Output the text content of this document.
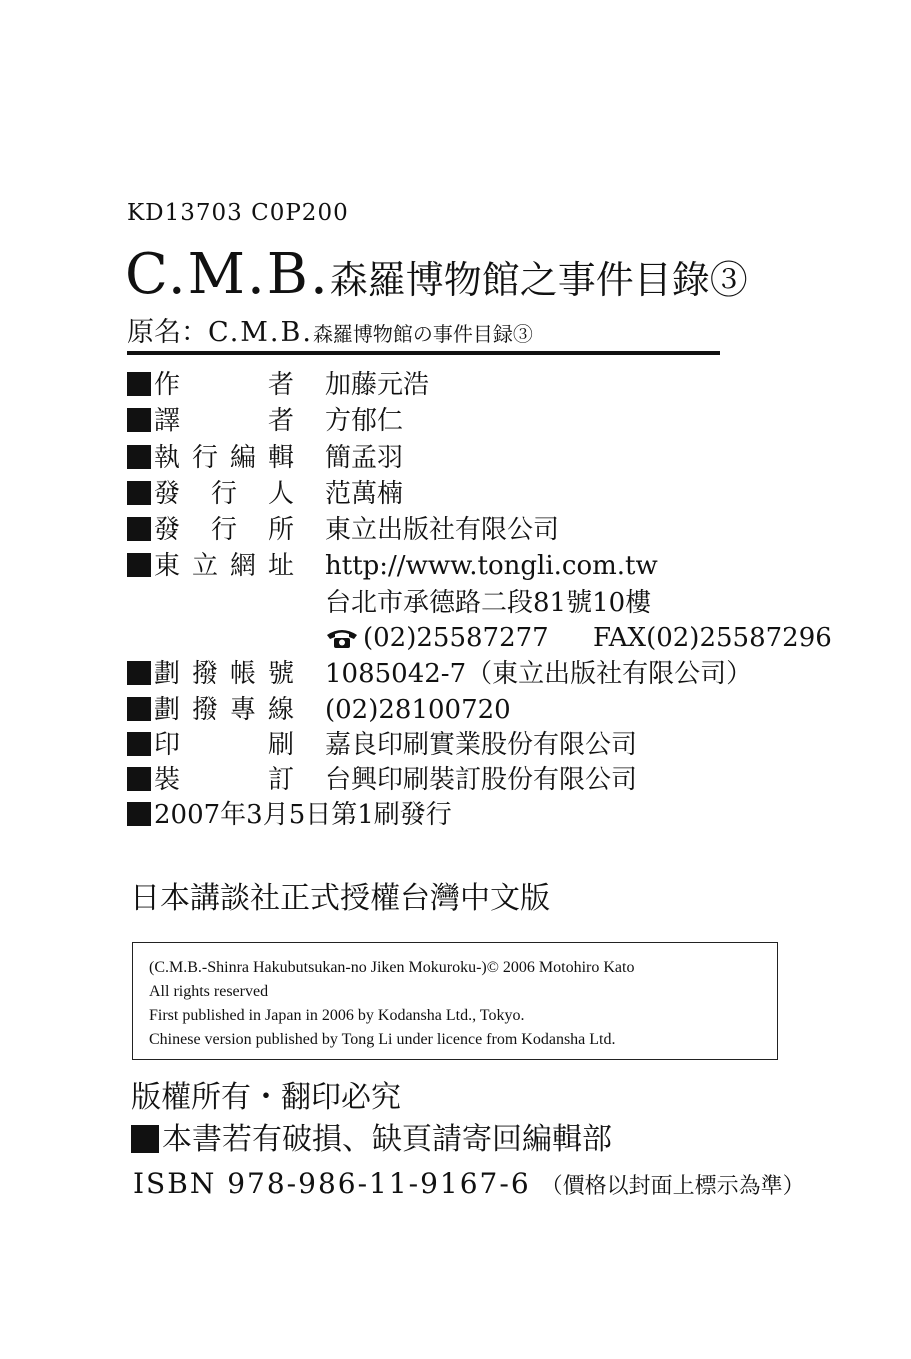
KD13703 C0P200
C.M.B.森羅博物館之事件目錄③
原名：C.M.B.森羅博物館の事件目録③
作 者 加藤元浩
譯 者 方郁仁
執行編輯 簡孟羽
發 行 人 范萬楠
發 行 所 東立出版社有限公司
東立網址 http://www.tongli.com.tw
台北市承德路二段81號10樓
(02)25587277 FAX(02)25587296
劃撥帳號 1085042-7（東立出版社有限公司）
劃撥專線 (02)28100720
印 刷 嘉良印刷實業股份有限公司
裝 訂 台興印刷裝訂股份有限公司
2007年3月5日第1刷發行
日本講談社正式授權台灣中文版
(C.M.B.-Shinra Hakubutsukan-no Jiken Mokuroku-)© 2006 Motohiro Kato
All rights reserved
First published in Japan in 2006 by Kodansha Ltd., Tokyo.
Chinese version published by Tong Li under licence from Kodansha Ltd.
版權所有・翻印必究
本書若有破損、缺頁請寄回編輯部
ISBN 978-986-11-9167-6 （價格以封面上標示為準）
